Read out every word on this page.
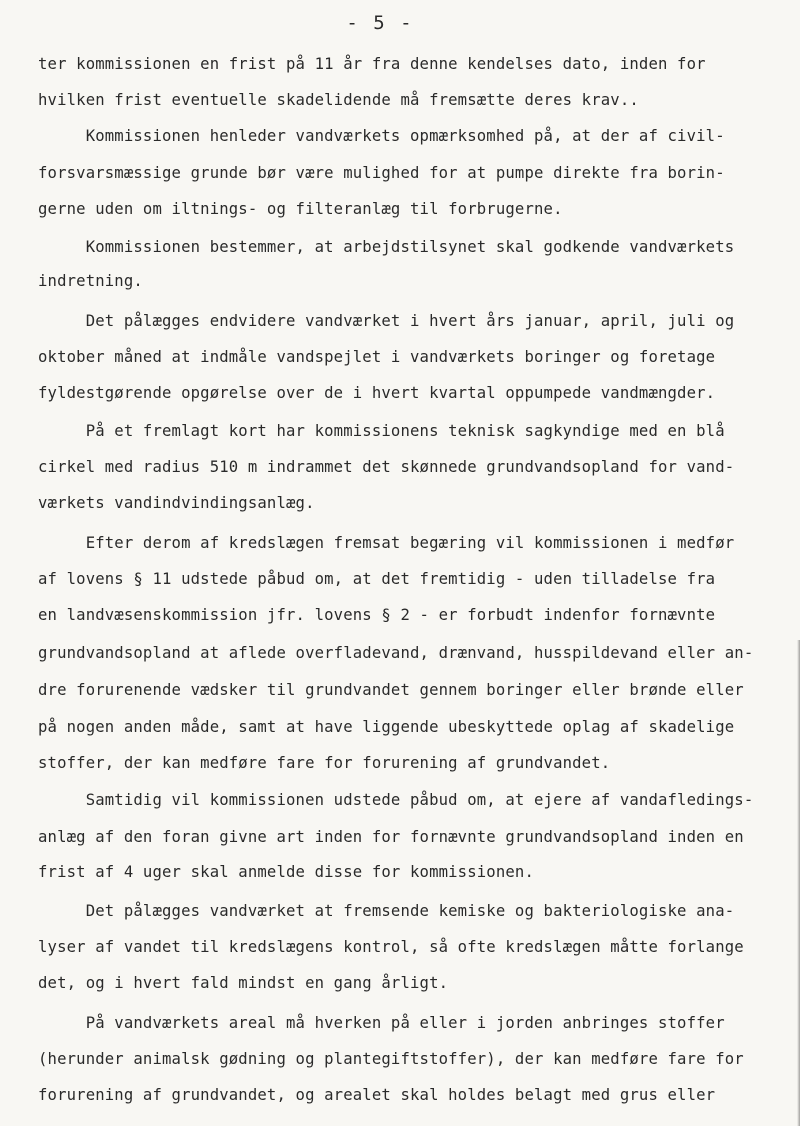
- 5 -
ter kommissionen en frist på 11 år fra denne kendelses dato, inden for
hvilken frist eventuelle skadelidende må fremsætte deres krav..
Kommissionen henleder vandværkets opmærksomhed på, at der af civil-
forsvarsmæssige grunde bør være mulighed for at pumpe direkte fra borin-
gerne uden om iltnings- og filteranlæg til forbrugerne.
Kommissionen bestemmer, at arbejdstilsynet skal godkende vandværkets
indretning.
Det pålægges endvidere vandværket i hvert års januar, april, juli og
oktober måned at indmåle vandspejlet i vandværkets boringer og foretage
fyldestgørende opgørelse over de i hvert kvartal oppumpede vandmængder.
På et fremlagt kort har kommissionens teknisk sagkyndige med en blå
cirkel med radius 510 m indrammet det skønnede grundvandsopland for vand-
værkets vandindvindingsanlæg.
Efter derom af kredslægen fremsat begæring vil kommissionen i medfør
af lovens § 11 udstede påbud om, at det fremtidig - uden tilladelse fra
en landvæsenskommission jfr. lovens § 2 - er forbudt indenfor fornævnte
grundvandsopland at aflede overfladevand, drænvand, husspildevand eller an-
dre forurenende vædsker til grundvandet gennem boringer eller brønde eller
på nogen anden måde, samt at have liggende ubeskyttede oplag af skadelige
stoffer, der kan medføre fare for forurening af grundvandet.
Samtidig vil kommissionen udstede påbud om, at ejere af vandafledings-
anlæg af den foran givne art inden for fornævnte grundvandsopland inden en
frist af 4 uger skal anmelde disse for kommissionen.
Det pålægges vandværket at fremsende kemiske og bakteriologiske ana-
lyser af vandet til kredslægens kontrol, så ofte kredslægen måtte forlange
det, og i hvert fald mindst en gang årligt.
På vandværkets areal må hverken på eller i jorden anbringes stoffer
(herunder animalsk gødning og plantegiftstoffer), der kan medføre fare for
forurening af grundvandet, og arealet skal holdes belagt med grus eller
